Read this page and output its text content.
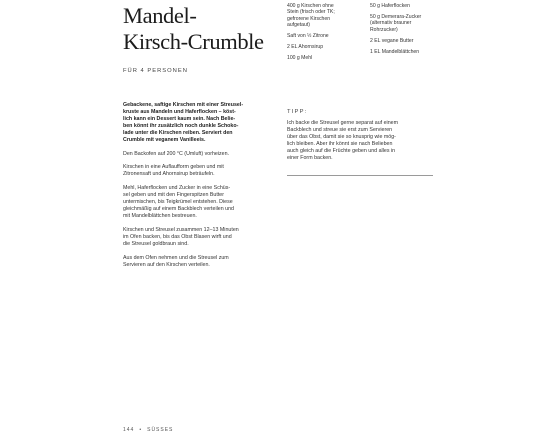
Mandel-
Kirsch-Crumble
FÜR 4 PERSONEN
400 g Kirschen ohne
Stein (frisch oder TK;
gefrorene Kirschen
aufgetaut)
Saft von ½ Zitrone
2 EL Ahornsirup
100 g Mehl
50 g Haferflocken
50 g Demerara-Zucker
(alternativ brauner
Rohrzucker)
2 EL vegane Butter
1 EL Mandelblättchen
Gebackene, saftige Kirschen mit einer Streusel-
kruste aus Mandeln und Haferflocken – köst-
lich kann ein Dessert kaum sein. Nach Belie-
ben könnt ihr zusätzlich noch dunkle Schoko-
lade unter die Kirschen reiben. Serviert den
Crumble mit veganem Vanilleeis.
Den Backofen auf 200 °C (Umluft) vorheizen.
Kirschen in eine Auflaufform geben und mit
Zitronensaft und Ahornsirup beträufeln.
Mehl, Haferflocken und Zucker in eine Schüs-
sel geben und mit den Fingerspitzen Butter
untermischen, bis Teigkrümel entstehen. Diese
gleichmäßig auf einem Backblech verteilen und
mit Mandelblättchen bestreuen.
Kirschen und Streusel zusammen 12–13 Minuten
im Ofen backen, bis das Obst Blasen wirft und
die Streusel goldbraun sind.
Aus dem Ofen nehmen und die Streusel zum
Servieren auf den Kirschen verteilen.
TIPP:
Ich backe die Streusel gerne separat auf einem
Backblech und streue sie erst zum Servieren
über das Obst, damit sie so knusprig wie mög-
lich bleiben. Aber ihr könnt sie nach Belieben
auch gleich auf die Früchte geben und alles in
einer Form backen.
144 • SÜSSES
